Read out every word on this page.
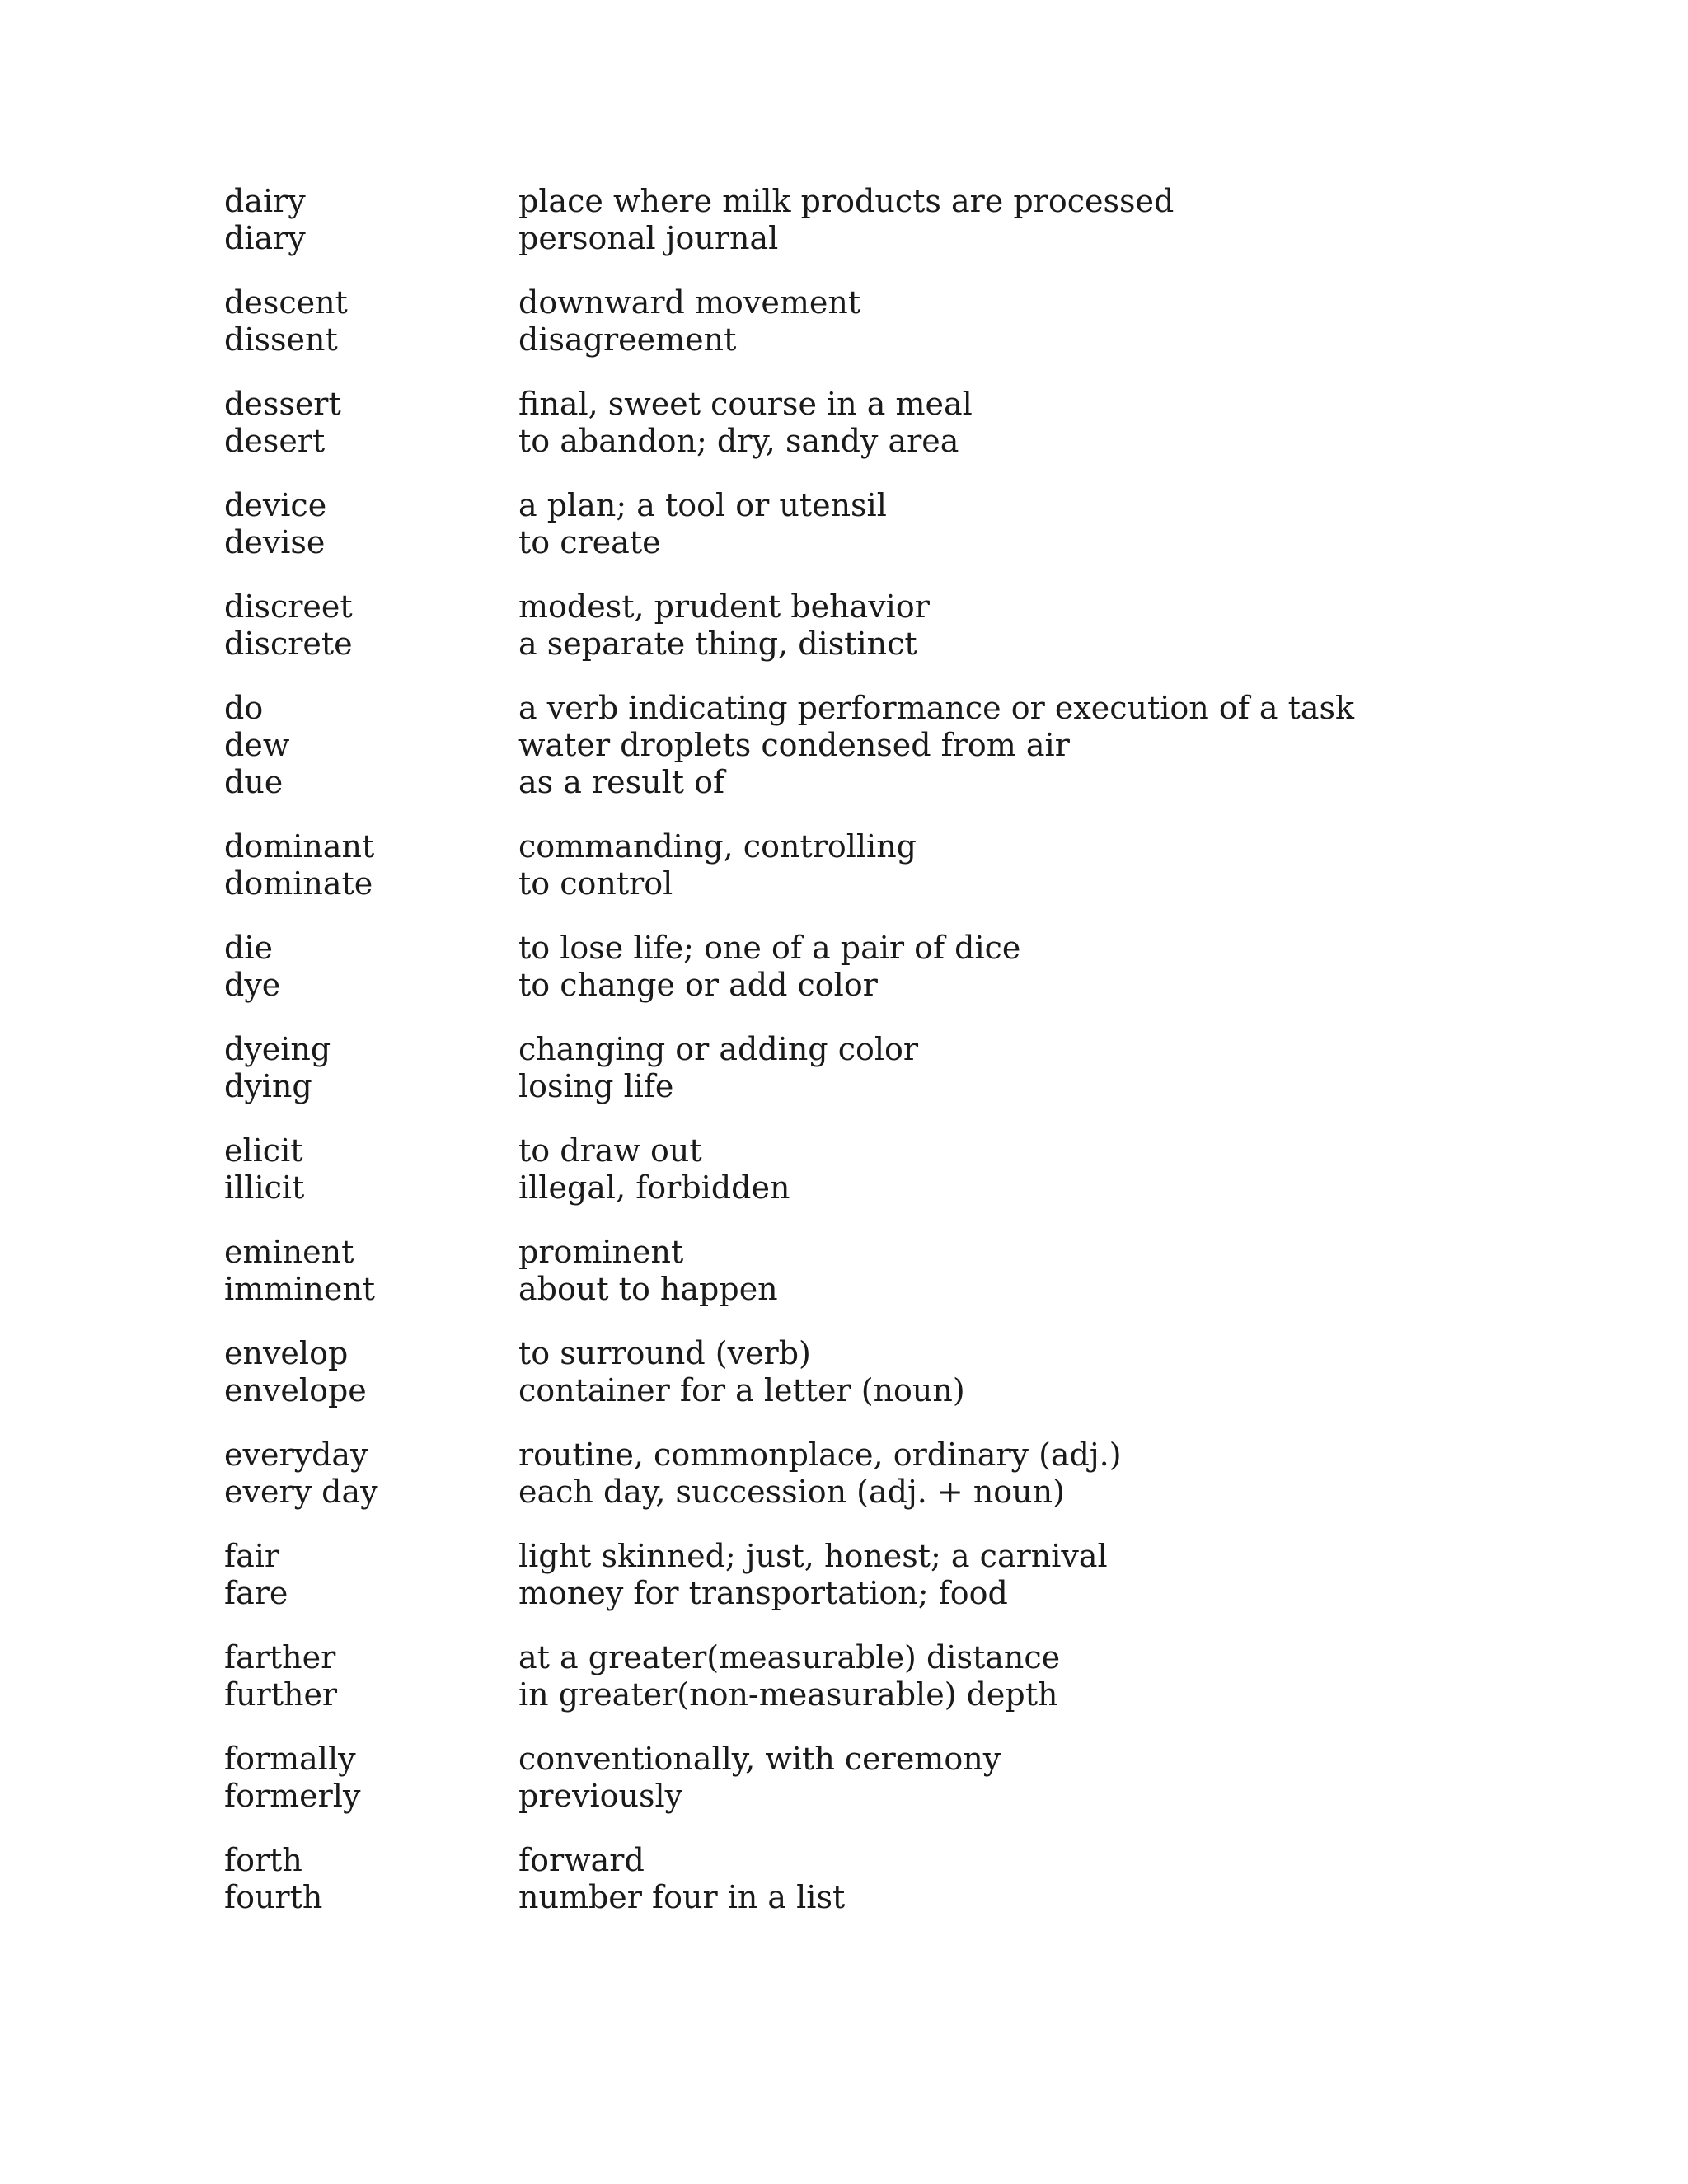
dairy	place where milk products are processed
diary	personal journal
descent	downward movement
dissent	disagreement
dessert	final, sweet course in a meal
desert	to abandon; dry, sandy area
device	a plan; a tool or utensil
devise	to create
discreet	modest, prudent behavior
discrete	a separate thing, distinct
do	a verb indicating performance or execution of a task
dew	water droplets condensed from air
due	as a result of
dominant	commanding, controlling
dominate	to control
die	to lose life; one of a pair of dice
dye	to change or add color
dyeing	changing or adding color
dying	losing life
elicit	to draw out
illicit	illegal, forbidden
eminent	prominent
imminent	about to happen
envelop	to surround (verb)
envelope	container for a letter (noun)
everyday	routine, commonplace, ordinary (adj.)
every day	each day, succession (adj. + noun)
fair	light skinned; just, honest; a carnival
fare	money for transportation; food
farther	at a greater(measurable) distance
further	in greater(non-measurable) depth
formally	conventionally, with ceremony
formerly	previously
forth	forward
fourth	number four in a list
